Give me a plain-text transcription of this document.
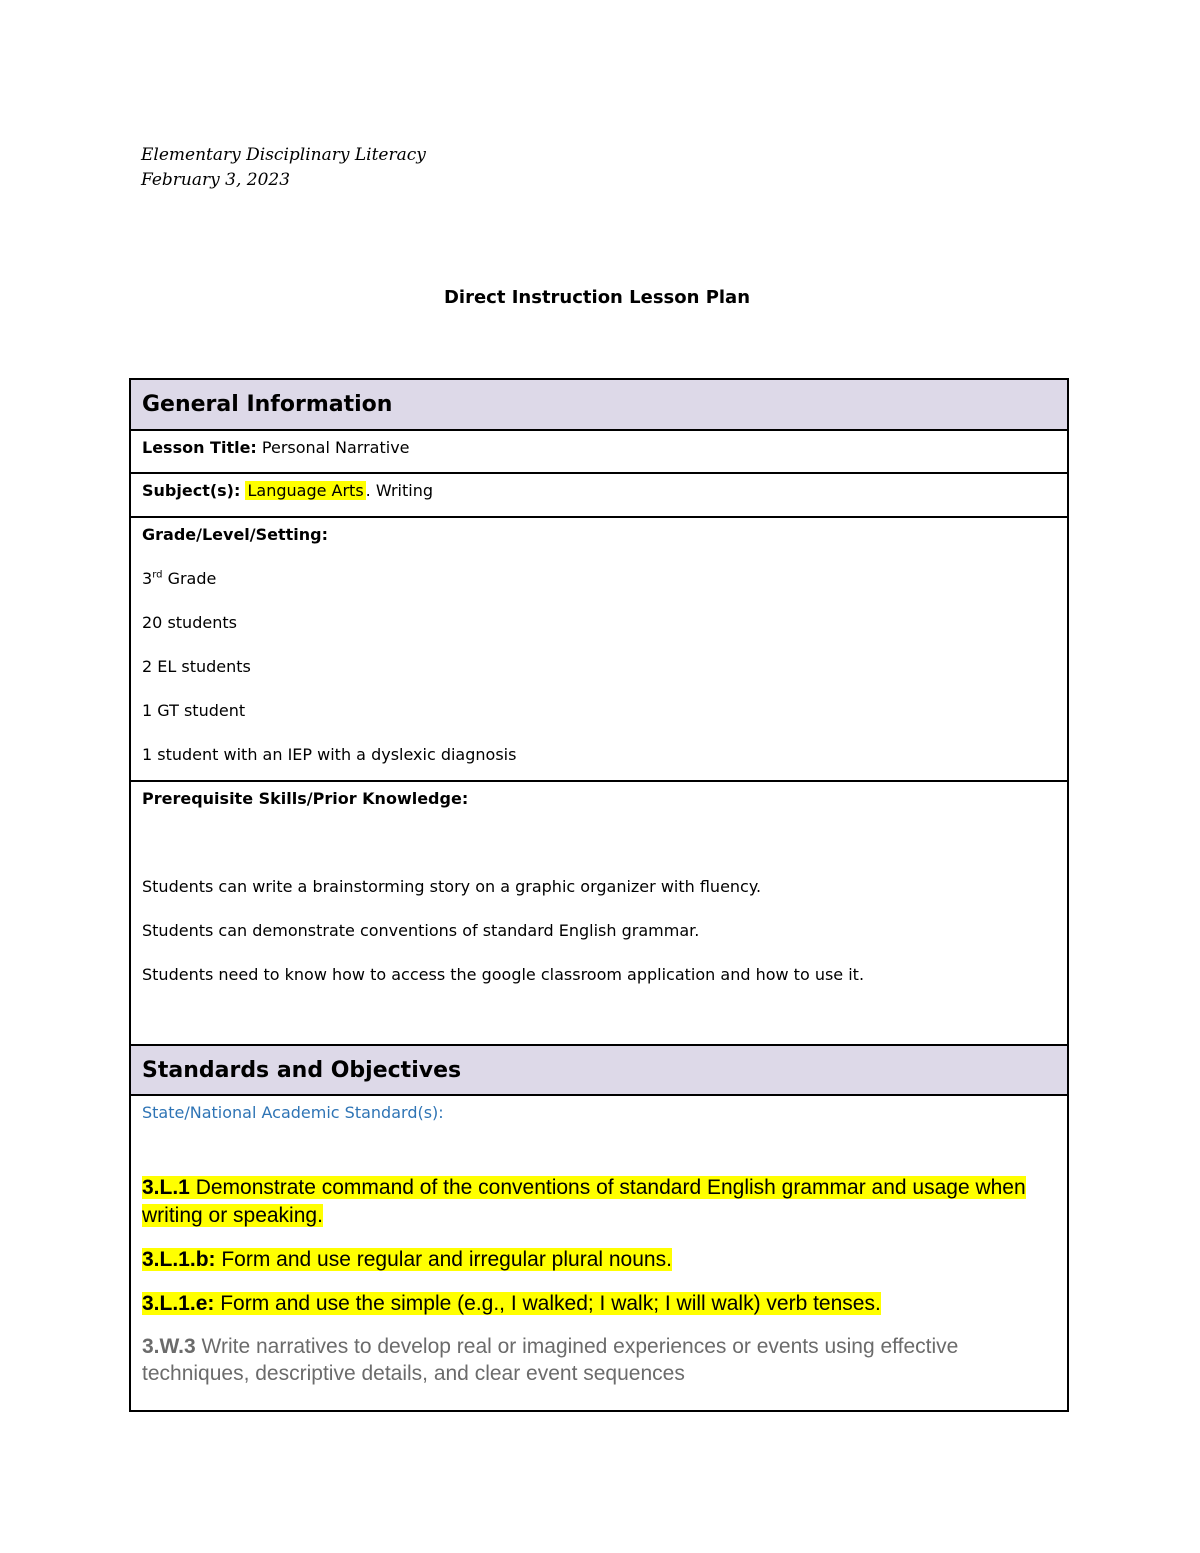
Elementary Disciplinary Literacy
February 3, 2023
Direct Instruction Lesson Plan
General Information

Lesson Title: Personal Narrative

Subject(s): Language Arts . Writing

Grade/Level/Setting:

3rd Grade

20 students

2 EL students

1 GT student

1 student with an IEP with a dyslexic diagnosis

Prerequisite Skills/Prior Knowledge:

Students can write a brainstorming story on a graphic organizer with fluency.

Students can demonstrate conventions of standard English grammar.

Students need to know how to access the google classroom application and how to use it.

Standards and Objectives

State/National Academic Standard(s):

3.L.1 Demonstrate command of the conventions of standard English grammar and usage when writing or speaking.

3.L.1.b: Form and use regular and irregular plural nouns.

3.L.1.e: Form and use the simple (e.g., I walked; I walk; I will walk) verb tenses.

3.W.3 Write narratives to develop real or imagined experiences or events using effective techniques, descriptive details, and clear event sequences
